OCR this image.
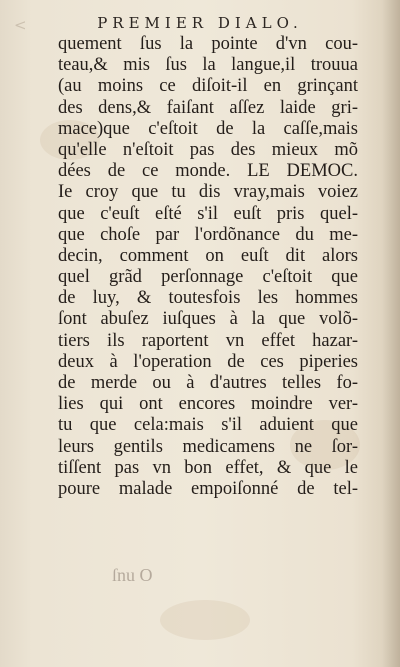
<	PREMIER DIALO.
quement ſus la pointe d'vn cou-
teau,& mis ſus la langue,il trouua
(au moins ce diſoit-il en grinçant
des dens,& faiſant aſſez laide gri-
mace)que c'eſtoit de la caſſe,mais
qu'elle n'eſtoit pas des mieux mõ
dées de ce monde. LE DEMOC.
Ie croy que tu dis vray,mais voiez
que c'euſt eſté s'il euſt pris quel-
que choſe par l'ordõnance du me-
decin, comment on euſt dit alors
quel grãd perſonnage c'eſtoit que
de luy, & toutesfois les hommes
ſont abuſez iuſques à la que volõ-
tiers ils raportent vn effet hazar-
deux à l'operation de ces piperies
de merde ou à d'autres telles fo-
lies qui ont encores moindre ver-
tu que cela:mais s'il aduient que
leurs gentils medicamens ne ſor-
tiſſent pas vn bon effet, & que le
poure malade empoiſonné de tel-
ſnu O
